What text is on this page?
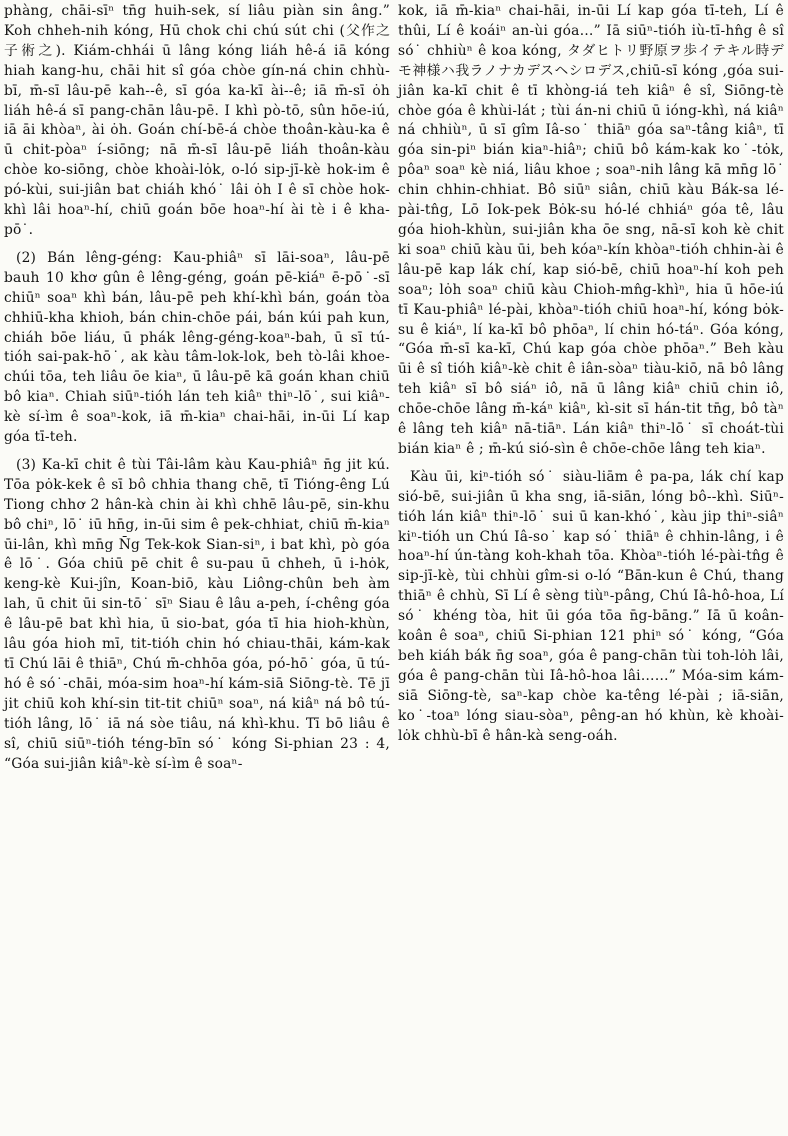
phàng, chāi-sīⁿ tn̄g huih-sek, sí liâu piàn sin âng.” Koh chheh-nih kóng, Hū chok chi chú sút chi (父作之子術之). Kiám-chhái ū lâng kóng liáh hê-á iā kóng hiah kang-hu, chāi hit sî góa chòe gín-ná chin chhù-bī, m̄-sī lâu-pē kah--ê, sī góa ka-kī ài--ê; iā m̄-sī ȯh liáh hê-á sī pang-chān lâu-pē. I khì pò-tō, sûn hōe-iú, iā āi khòaⁿ, ài ȯh. Goán chí-bē-á chòe thoân-kàu-ka ê ū chit-pòaⁿ í-siōng; nā m̄-sī lâu-pē liáh thoân-kàu chòe ko-siōng, chòe khoài-lȯk, o-ló sip-jī-kè hok-im ê pó-kùi, sui-jiân bat chiáh khó˙ lâi ȯh I ê sī chòe hok-khì lâi hoaⁿ-hí, chiū goán bōe hoaⁿ-hí ài tè i ê kha-pō˙.

(2) Bán lêng-géng: Kau-phiâⁿ sī lāi-soaⁿ, lâu-pē bauh 10 khơ gûn ê lêng-géng, goán pē-kiáⁿ ē-pō˙-sī chiūⁿ soaⁿ khì bán, lâu-pē peh khí-khì bán, goán tòa chhiū-kha khioh, bán chin-chōe pái, bán kúi pah kun, chiáh bōe liáu, ū phák lêng-géng-koaⁿ-bah, ū sī tú-tióh sai-pak-hō˙, ak kàu tâm-lok-lok, beh tò-lâi khoe-chúi tōa, teh liâu ōe kiaⁿ, ū lâu-pē kā goán khan chiū bô kiaⁿ. Chiah siūⁿ-tióh lán teh kiâⁿ thiⁿ-lō˙, sui kiâⁿ-kè sí-ìm ê soaⁿ-kok, iā m̄-kiaⁿ chai-hāi, in-ūi Lí kap góa tī-teh.

(3) Ka-kī chit ê tùi Tâi-lâm kàu Kau-phiâⁿ n̄g jit kú. Tōa pȯk-kek ê sī bô chhia thang chē, tī Tióng-êng Lú Tiong chhơ 2 hân-kà chin ài khì chhē lâu-pē, sin-khu bô chiⁿ, lō˙ iū hn̄g, in-ūi sim ê pek-chhiat, chiū m̄-kiaⁿ ūi-lân, khì mn̄g N̄g Tek-kok Sian-siⁿ, i bat khì, pò góa ê lō˙. Góa chiū pē chit ê su-pau ū chheh, ū i-hȯk, keng-kè Kui-jîn, Koan-biō, kàu Liông-chûn beh àm lah, ū chit ūi sin-tō˙ sīⁿ Siau ê lâu a-peh, í-chêng góa ê lâu-pē bat khì hia, ū sio-bat, góa tī hia hioh-khùn, lâu góa hioh mī, tit-tióh chin hó chiau-thāi, kám-kak tī Chú lāi ê thiāⁿ, Chú m̄-chhōa góa, pó-hō˙ góa, ū tú-hó ê só˙-chāi, móa-sim hoaⁿ-hí kám-siā Siōng-tè. Tē jī jit chiū koh khí-sin tit-tit chiūⁿ soaⁿ, ná kiâⁿ ná bô tú-tióh lâng, lō˙ iā ná sòe tiâu, ná khì-khu. Tī bō liâu ê sî, chiū siūⁿ-tióh téng-bīn só˙ kóng Si-phian 23 : 4, “Góa sui-jiân kiâⁿ-kè sí-ìm ê soaⁿ-

kok, iā m̄-kiaⁿ chai-hāi, in-ūi Lí kap góa tī-teh, Lí ê thûi, Lí ê koáiⁿ an-ùi góa…” Iā siūⁿ-tióh iù-tī-hn̂g ê sî só˙ chhiùⁿ ê koa kóng, タダヒトリ野原ヲ歩イテキル時デモ神様ハ我ラノナカデスヘシロデス,chiū-sī kóng ,góa sui-jiân ka-kī chit ê tī khòng-iá teh kiâⁿ ê sî, Siōng-tè chòe góa ê khùi-lát ; tùi án-ni chiū ū ióng-khì, ná kiâⁿ ná chhiùⁿ, ū sī gîm Iâ-so˙ thiāⁿ góa saⁿ-tâng kiâⁿ, tī góa sin-piⁿ bián kiaⁿ-hiâⁿ; chiū bô kám-kak ko˙-tȯk, pôaⁿ soaⁿ kè niá, liâu khoe ; soaⁿ-nih lâng kā mn̄g lō˙ chin chhin-chhiat. Bô siūⁿ siân, chiū kàu Bák-sa lé-pài-tn̂g, Lō Iok-pek Bȯk-su hó-lé chhiáⁿ góa tê, lâu góa hioh-khùn, sui-jiân kha ōe sng, nā-sī koh kè chit ki soaⁿ chiū kàu ūi, beh kóaⁿ-kín khòaⁿ-tióh chhin-ài ê lâu-pē kap lák chí, kap sió-bē, chiū hoaⁿ-hí koh peh soaⁿ; lȯh soaⁿ chiū kàu Chioh-mn̂g-khìⁿ, hia ū hōe-iú tī Kau-phiâⁿ lé-pài, khòaⁿ-tióh chiū hoaⁿ-hí, kóng bȯk-su ê kiáⁿ, lí ka-kī bô phōaⁿ, lí chin hó-táⁿ. Góa kóng, “Góa m̄-sī ka-kī, Chú kap góa chòe phōaⁿ.” Beh kàu ūi ê sî tióh kiâⁿ-kè chit ê iân-sòaⁿ tiàu-kiō, nā bô lâng teh kiâⁿ sī bô siáⁿ iô, nā ū lâng kiâⁿ chiū chin iô, chōe-chōe lâng m̄-káⁿ kiâⁿ, kì-sit sī hán-tit tn̄g, bô tàⁿ ê lâng teh kiâⁿ nā-tiāⁿ. Lán kiâⁿ thiⁿ-lō˙ sī choát-tùi bián kiaⁿ ê ; m̄-kú sió-sìn ê chōe-chōe lâng teh kiaⁿ.

Kàu ūi, kiⁿ-tióh só˙ siàu-liām ê pa-pa, lák chí kap sió-bē, sui-jiân ū kha sng, iā-siān, lóng bô--khì. Siūⁿ-tióh lán kiâⁿ thiⁿ-lō˙ sui ū kan-khó˙, kàu jip thiⁿ-siâⁿ kiⁿ-tióh un Chú Iâ-so˙ kap só˙ thiāⁿ ê chhin-lâng, i ê hoaⁿ-hí ún-tàng koh-khah tōa. Khòaⁿ-tióh lé-pài-tn̂g ê sip-jī-kè, tùi chhùi gîm-si o-ló “Bān-kun ê Chú, thang thiāⁿ ê chhù, Sī Lí ê sèng tiùⁿ-pâng, Chú Iâ-hô-hoa, Lí só˙ khéng tòa, hit ūi góa tōa n̄g-bāng.” Iā ū koân-koân ê soaⁿ, chiū Si-phian 121 phiⁿ só˙ kóng, “Góa beh kiáh bák n̄g soaⁿ, góa ê pang-chān tùi toh-lȯh lâi, góa ê pang-chān tùi Iâ-hô-hoa lâi……” Móa-sim kám-siā Siōng-tè, saⁿ-kap chòe ka-têng lé-pài ; iā-siān, ko˙-toaⁿ lóng siau-sòaⁿ, pêng-an hó khùn, kè khoài-lȯk chhù-bī ê hân-kà seng-oáh.
